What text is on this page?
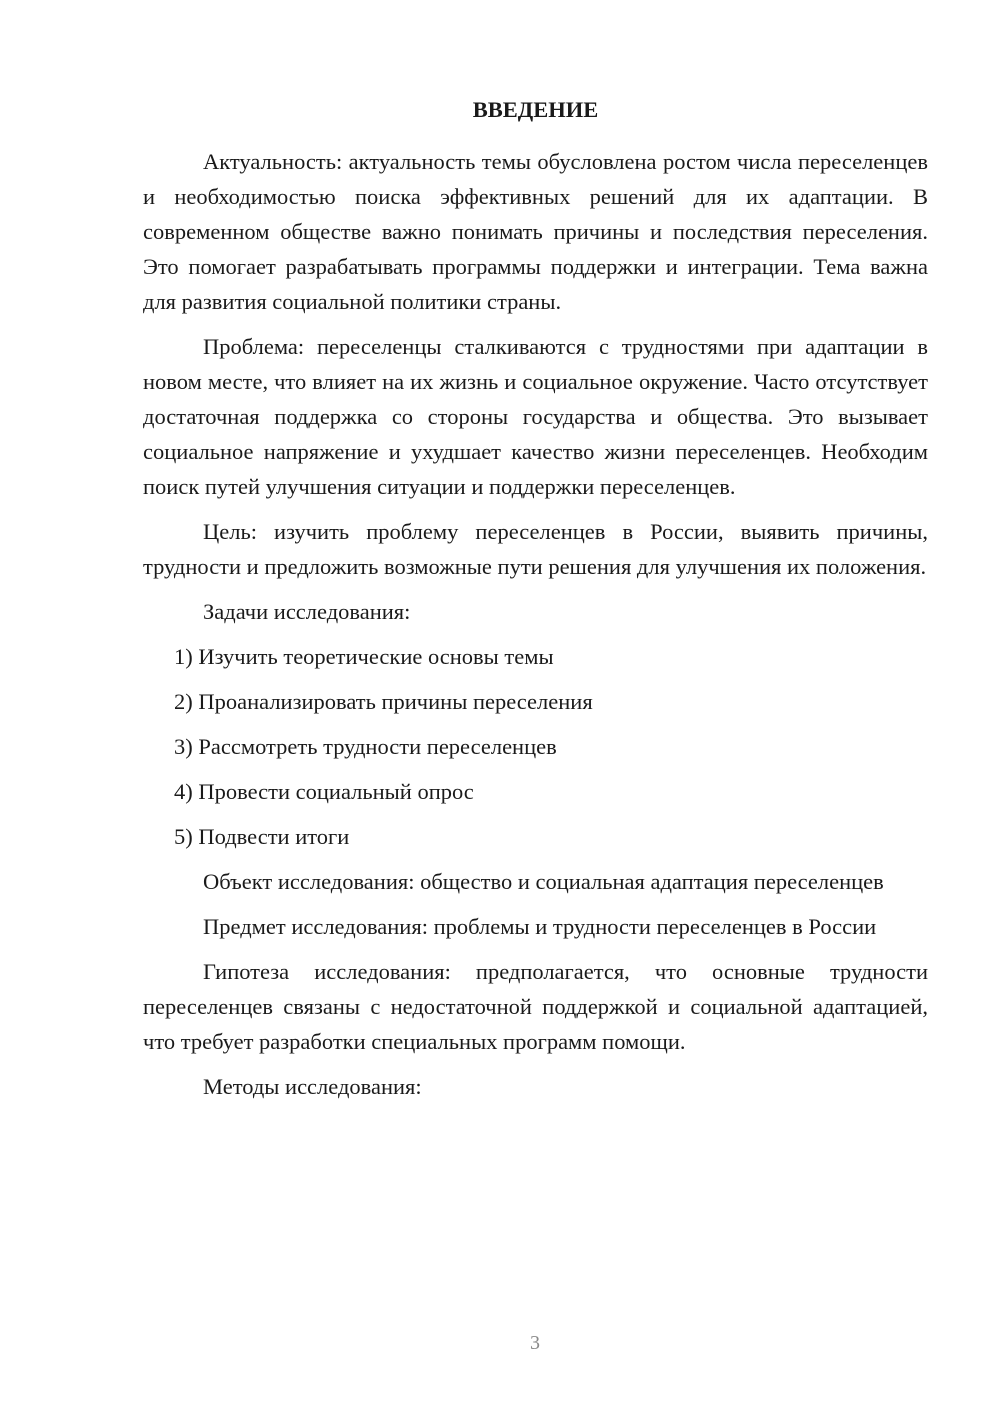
ВВЕДЕНИЕ

Актуальность: актуальность темы обусловлена ростом числа переселенцев и необходимостью поиска эффективных решений для их адаптации. В современном обществе важно понимать причины и последствия переселения. Это помогает разрабатывать программы поддержки и интеграции. Тема важна для развития социальной политики страны.

Проблема: переселенцы сталкиваются с трудностями при адаптации в новом месте, что влияет на их жизнь и социальное окружение. Часто отсутствует достаточная поддержка со стороны государства и общества. Это вызывает социальное напряжение и ухудшает качество жизни переселенцев. Необходим поиск путей улучшения ситуации и поддержки переселенцев.

Цель: изучить проблему переселенцев в России, выявить причины, трудности и предложить возможные пути решения для улучшения их положения.

Задачи исследования:

1) Изучить теоретические основы темы
2) Проанализировать причины переселения
3) Рассмотреть трудности переселенцев
4) Провести социальный опрос
5) Подвести итоги

Объект исследования: общество и социальная адаптация переселенцев

Предмет исследования: проблемы и трудности переселенцев в России

Гипотеза исследования: предполагается, что основные трудности переселенцев связаны с недостаточной поддержкой и социальной адаптацией, что требует разработки специальных программ помощи.

Методы исследования:

3
